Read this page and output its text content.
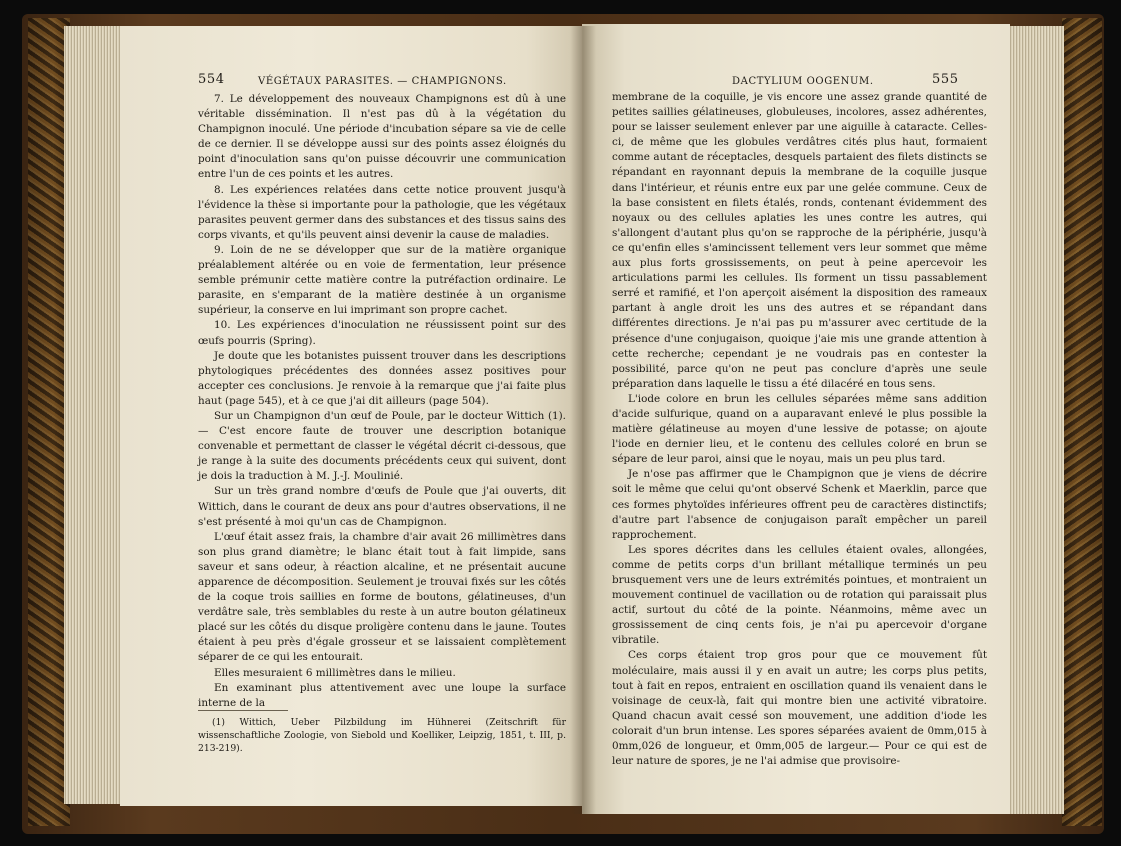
554	VÉGÉTAUX PARASITES. — CHAMPIGNONS.

7. Le développement des nouveaux Champignons est dû à une véritable dissémination. Il n'est pas dû à la végétation du Champignon inoculé. Une période d'incubation sépare sa vie de celle de ce dernier. Il se développe aussi sur des points assez éloignés du point d'inoculation sans qu'on puisse découvrir une communication entre l'un de ces points et les autres.

8. Les expériences relatées dans cette notice prouvent jusqu'à l'évidence la thèse si importante pour la pathologie, que les végétaux parasites peuvent germer dans des substances et des tissus sains des corps vivants, et qu'ils peuvent ainsi devenir la cause de maladies.

9. Loin de ne se développer que sur de la matière organique préalablement altérée ou en voie de fermentation, leur présence semble prémunir cette matière contre la putréfaction ordinaire. Le parasite, en s'emparant de la matière destinée à un organisme supérieur, la conserve en lui imprimant son propre cachet.

10. Les expériences d'inoculation ne réussissent point sur des œufs pourris (Spring).

Je doute que les botanistes puissent trouver dans les descriptions phytologiques précédentes des données assez positives pour accepter ces conclusions. Je renvoie à la remarque que j'ai faite plus haut (page 545), et à ce que j'ai dit ailleurs (page 504).

Sur un Champignon d'un œuf de Poule, par le docteur Wittich (1). — C'est encore faute de trouver une description botanique convenable et permettant de classer le végétal décrit ci-dessous, que je range à la suite des documents précédents ceux qui suivent, dont je dois la traduction à M. J.-J. Moulinié.

Sur un très grand nombre d'œufs de Poule que j'ai ouverts, dit Wittich, dans le courant de deux ans pour d'autres observations, il ne s'est présenté à moi qu'un cas de Champignon.

L'œuf était assez frais, la chambre d'air avait 26 millimètres dans son plus grand diamètre; le blanc était tout à fait limpide, sans saveur et sans odeur, à réaction alcaline, et ne présentait aucune apparence de décomposition. Seulement je trouvai fixés sur les côtés de la coque trois saillies en forme de boutons, gélatineuses, d'un verdâtre sale, très semblables du reste à un autre bouton gélatineux placé sur les côtés du disque proligère contenu dans le jaune. Toutes étaient à peu près d'égale grosseur et se laissaient complètement séparer de ce qui les entourait.

Elles mesuraient 6 millimètres dans le milieu.

En examinant plus attentivement avec une loupe la surface interne de la

(1) Wittich, Ueber Pilzbildung im Hühnerei (Zeitschrift für wissenschaftliche Zoologie, von Siebold und Koelliker, Leipzig, 1851, t. III, p. 213-219).

DACTYLIUM OOGENUM.	555

membrane de la coquille, je vis encore une assez grande quantité de petites saillies gélatineuses, globuleuses, incolores, assez adhérentes, pour se laisser seulement enlever par une aiguille à cataracte. Celles-ci, de même que les globules verdâtres cités plus haut, formaient comme autant de réceptacles, desquels partaient des filets distincts se répandant en rayonnant depuis la membrane de la coquille jusque dans l'intérieur, et réunis entre eux par une gelée commune. Ceux de la base consistent en filets étalés, ronds, contenant évidemment des noyaux ou des cellules aplaties les unes contre les autres, qui s'allongent d'autant plus qu'on se rapproche de la périphérie, jusqu'à ce qu'enfin elles s'amincissent tellement vers leur sommet que même aux plus forts grossissements, on peut à peine apercevoir les articulations parmi les cellules. Ils forment un tissu passablement serré et ramifié, et l'on aperçoit aisément la disposition des rameaux partant à angle droit les uns des autres et se répandant dans différentes directions. Je n'ai pas pu m'assurer avec certitude de la présence d'une conjugaison, quoique j'aie mis une grande attention à cette recherche; cependant je ne voudrais pas en contester la possibilité, parce qu'on ne peut pas conclure d'après une seule préparation dans laquelle le tissu a été dilacéré en tous sens.

L'iode colore en brun les cellules séparées même sans addition d'acide sulfurique, quand on a auparavant enlevé le plus possible la matière gélatineuse au moyen d'une lessive de potasse; on ajoute l'iode en dernier lieu, et le contenu des cellules coloré en brun se sépare de leur paroi, ainsi que le noyau, mais un peu plus tard.

Je n'ose pas affirmer que le Champignon que je viens de décrire soit le même que celui qu'ont observé Schenk et Maerklin, parce que ces formes phytoïdes inférieures offrent peu de caractères distinctifs; d'autre part l'absence de conjugaison paraît empêcher un pareil rapprochement.

Les spores décrites dans les cellules étaient ovales, allongées, comme de petits corps d'un brillant métallique terminés un peu brusquement vers une de leurs extrémités pointues, et montraient un mouvement continuel de vacillation ou de rotation qui paraissait plus actif, surtout du côté de la pointe. Néanmoins, même avec un grossissement de cinq cents fois, je n'ai pu apercevoir d'organe vibratile.

Ces corps étaient trop gros pour que ce mouvement fût moléculaire, mais aussi il y en avait un autre; les corps plus petits, tout à fait en repos, entraient en oscillation quand ils venaient dans le voisinage de ceux-là, fait qui montre bien une activité vibratoire. Quand chacun avait cessé son mouvement, une addition d'iode les colorait d'un brun intense. Les spores séparées avaient de 0mm,015 à 0mm,026 de longueur, et 0mm,005 de largeur.— Pour ce qui est de leur nature de spores, je ne l'ai admise que provisoire-
